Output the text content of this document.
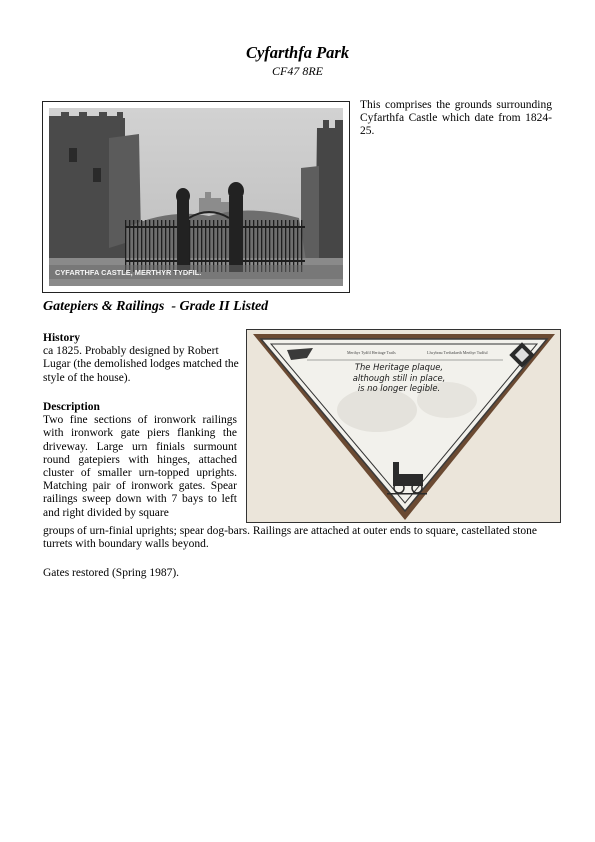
Cyfarthfa Park
CF47 8RE
CYFARTHFA CASTLE, MERTHYR TYDFIL.
This comprises the grounds surrounding Cyfarthfa Castle which date from 1824-25.
Gatepiers & Railings  - Grade II Listed
Merthyr Tydfil Heritage Trails	Llwybrau Treftadaeth Merthyr Tudful
The Heritage plaque, although still in place, is no longer legible.
History
ca 1825. Probably designed by Robert Lugar (the demolished lodges matched the style of the house).
Description
Two fine sections of ironwork railings with ironwork gate piers flanking the driveway. Large urn finials surmount round gatepiers with hinges, attached cluster of smaller urn-topped uprights. Matching pair of ironwork gates. Spear railings sweep down with 7 bays to left and right divided by square
groups of urn-finial uprights; spear dog-bars. Railings are attached at outer ends to square, castellated stone turrets with boundary walls beyond.
Gates restored (Spring 1987).
